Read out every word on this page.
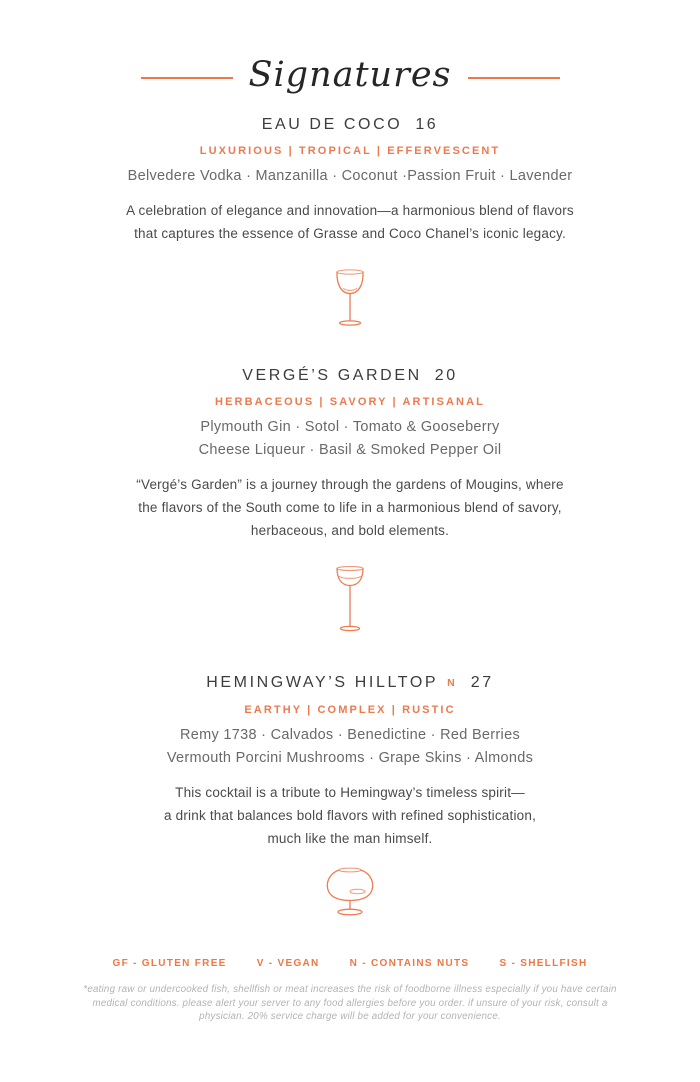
Signatures
EAU DE COCO 16
LUXURIOUS | TROPICAL | EFFERVESCENT
Belvedere Vodka · Manzanilla · Coconut ·Passion Fruit · Lavender
A celebration of elegance and innovation—a harmonious blend of flavors
that captures the essence of Grasse and Coco Chanel’s iconic legacy.
VERGÉ’S GARDEN 20
HERBACEOUS | SAVORY | ARTISANAL
Plymouth Gin · Sotol · Tomato & Gooseberry
Cheese Liqueur · Basil & Smoked Pepper Oil
“Vergé’s Garden” is a journey through the gardens of Mougins, where
the flavors of the South come to life in a harmonious blend of savory,
herbaceous, and bold elements.
HEMINGWAY’S HILLTOP N 27
EARTHY | COMPLEX | RUSTIC
Remy 1738 · Calvados · Benedictine · Red Berries
Vermouth Porcini Mushrooms · Grape Skins · Almonds
This cocktail is a tribute to Hemingway’s timeless spirit—
a drink that balances bold flavors with refined sophistication,
much like the man himself.
GF - GLUTEN FREE	V - VEGAN	N - CONTAINS NUTS	S - SHELLFISH
*eating raw or undercooked fish, shellfish or meat increases the risk of foodborne illness especially if you have certain
medical conditions. please alert your server to any food allergies before you order. if unsure of your risk, consult a
physician. 20% service charge will be added for your convenience.
